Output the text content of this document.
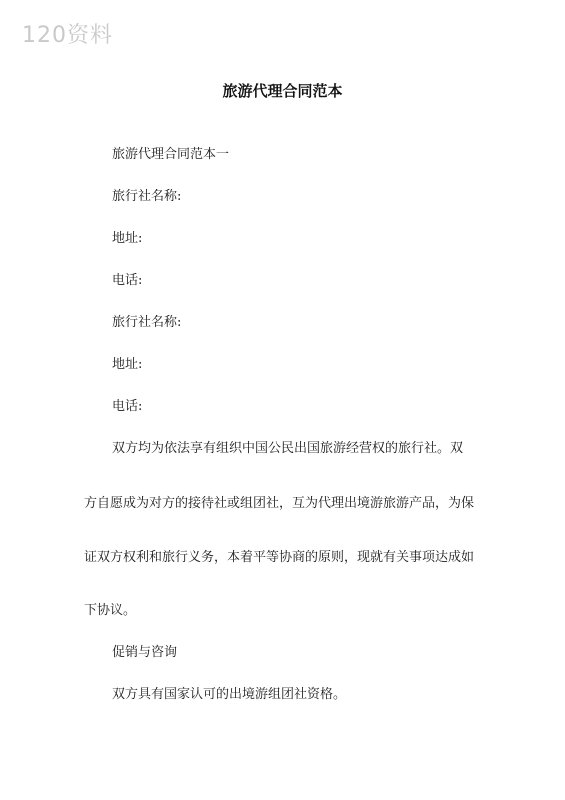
120资料
旅游代理合同范本
旅游代理合同范本一
旅行社名称:
地址:
电话:
旅行社名称:
地址:
电话:
双方均为依法享有组织中国公民出国旅游经营权的旅行社。双
方自愿成为对方的接待社或组团社，互为代理出境游旅游产品，为保
证双方权利和旅行义务，本着平等协商的原则，现就有关事项达成如
下协议。
促销与咨询
双方具有国家认可的出境游组团社资格。
